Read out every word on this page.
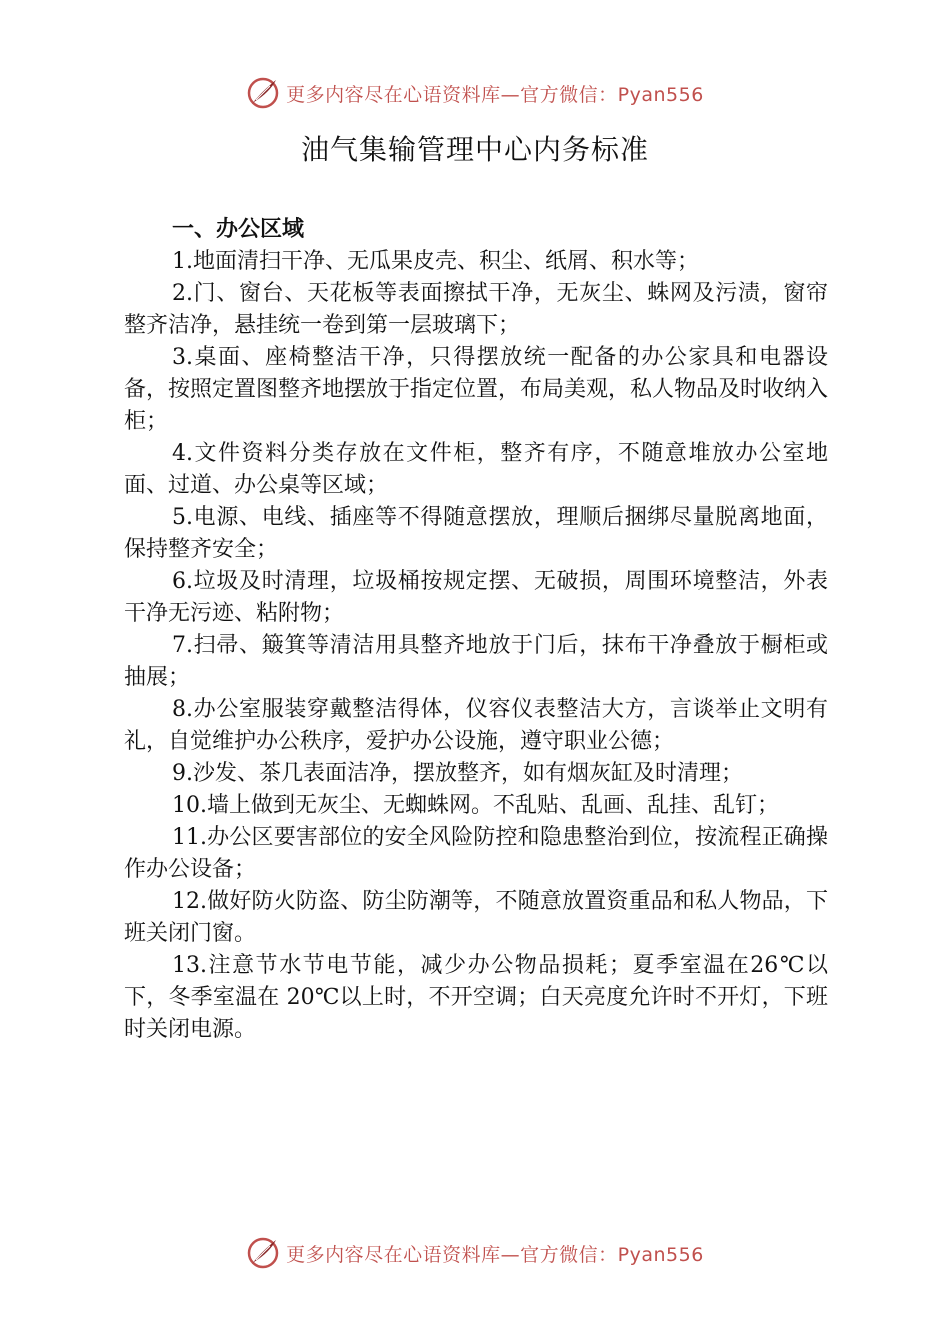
更多内容尽在心语资料库—官方微信：Pyan556
油气集输管理中心内务标准
一、办公区域
1.地面清扫干净、无瓜果皮壳、积尘、纸屑、积水等；
2.门、窗台、天花板等表面擦拭干净，无灰尘、蛛网及污渍，窗帘整齐洁净，悬挂统一卷到第一层玻璃下；
3.桌面、座椅整洁干净，只得摆放统一配备的办公家具和电器设备，按照定置图整齐地摆放于指定位置，布局美观，私人物品及时收纳入柜；
4.文件资料分类存放在文件柜，整齐有序，不随意堆放办公室地面、过道、办公桌等区域；
5.电源、电线、插座等不得随意摆放，理顺后捆绑尽量脱离地面，保持整齐安全；
6.垃圾及时清理，垃圾桶按规定摆、无破损，周围环境整洁，外表干净无污迹、粘附物；
7.扫帚、簸箕等清洁用具整齐地放于门后，抹布干净叠放于橱柜或抽展；
8.办公室服装穿戴整洁得体，仪容仪表整洁大方，言谈举止文明有礼，自觉维护办公秩序，爱护办公设施，遵守职业公德；
9.沙发、茶几表面洁净，摆放整齐，如有烟灰缸及时清理；
10.墙上做到无灰尘、无蜘蛛网。不乱贴、乱画、乱挂、乱钉；
11.办公区要害部位的安全风险防控和隐患整治到位，按流程正确操作办公设备；
12.做好防火防盗、防尘防潮等，不随意放置资重品和私人物品，下班关闭门窗。
13.注意节水节电节能，减少办公物品损耗；夏季室温在26℃以下，冬季室温在 20℃以上时，不开空调；白天亮度允许时不开灯，下班时关闭电源。
更多内容尽在心语资料库—官方微信：Pyan556
